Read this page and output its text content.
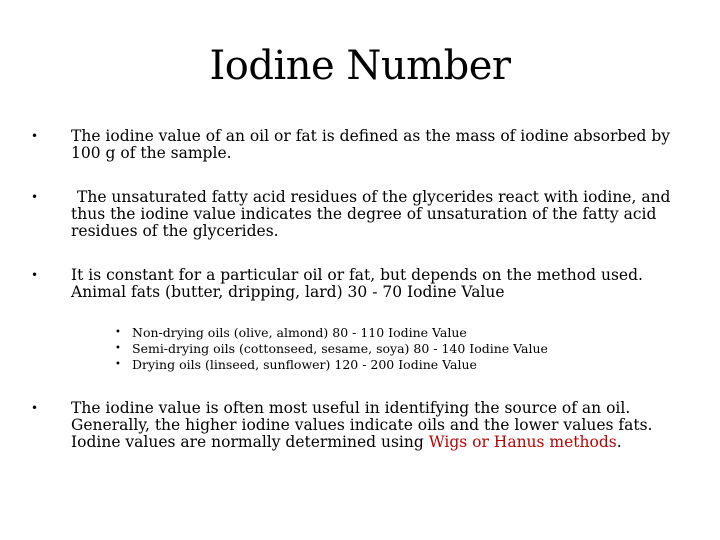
Iodine Number
• The iodine value of an oil or fat is defined as the mass of iodine absorbed by 100 g of the sample.
•	The unsaturated fatty acid residues of the glycerides react with iodine, and thus the iodine value indicates the degree of unsaturation of the fatty acid residues of the glycerides.
• It is constant for a particular oil or fat, but depends on the method used. Animal fats (butter, dripping, lard) 30 - 70 Iodine Value
• Non-drying oils (olive, almond) 80 - 110 Iodine Value
• Semi-drying oils (cottonseed, sesame, soya) 80 - 140 Iodine Value
• Drying oils (linseed, sunflower) 120 - 200 Iodine Value
• The iodine value is often most useful in identifying the source of an oil. Generally, the higher iodine values indicate oils and the lower values fats. Iodine values are normally determined using Wigs or Hanus methods.
